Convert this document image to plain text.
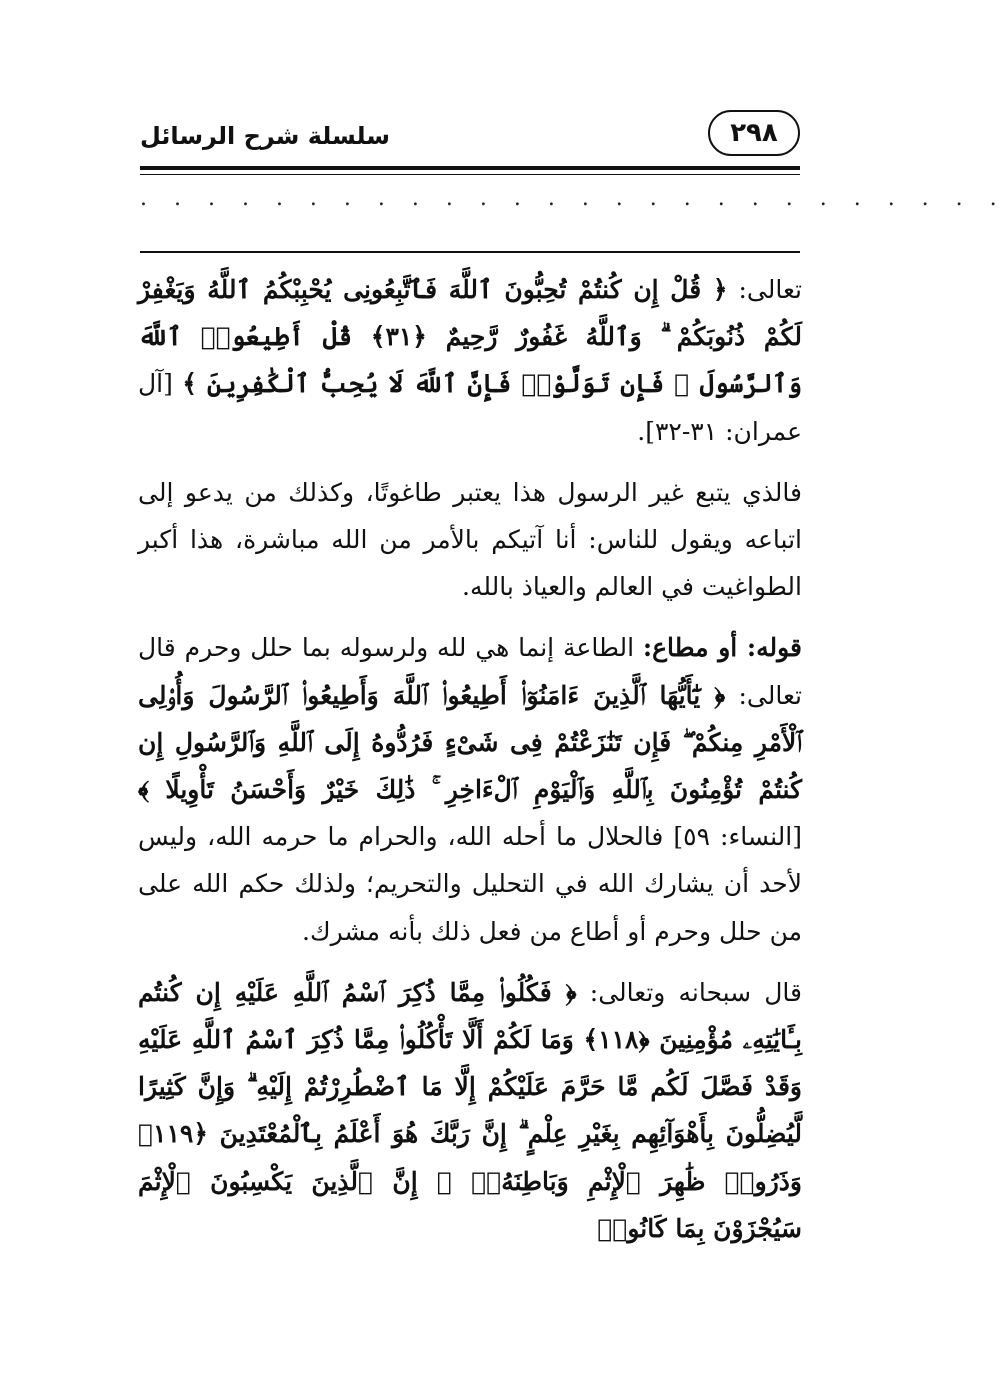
سلسلة شرح الرسائل	٢٩٨
. . . . . . . . . . . . . . . . . . . . . . . . . .

تعالى: ﴿ قُلْ إِن كُنتُمْ تُحِبُّونَ ٱللَّهَ فَٱتَّبِعُونِى يُحْبِبْكُمُ ٱللَّهُ وَيَغْفِرْ لَكُمْ ذُنُوبَكُمْ ۗ وَٱللَّهُ غَفُورٌ رَّحِيمٌ ﴿٣١﴾ قُلْ أَطِيعُوا۟ ٱللَّهَ وَٱلرَّسُولَ ۖ فَإِن تَوَلَّوْا۟ فَإِنَّ ٱللَّهَ لَا يُحِبُّ ٱلْكَٰفِرِينَ ﴾ [آل عمران: ٣١-٣٢].

فالذي يتبع غير الرسول هذا يعتبر طاغوتًا، وكذلك من يدعو إلى اتباعه ويقول للناس: أنا آتيكم بالأمر من الله مباشرة، هذا أكبر الطواغيت في العالم والعياذ بالله.

قوله: أو مطاع: الطاعة إنما هي لله ولرسوله بما حلل وحرم قال تعالى: ﴿ يَٰٓأَيُّهَا ٱلَّذِينَ ءَامَنُوٓا۟ أَطِيعُوا۟ ٱللَّهَ وَأَطِيعُوا۟ ٱلرَّسُولَ وَأُو۟لِى ٱلْأَمْرِ مِنكُمْ ۖ فَإِن تَنَٰزَعْتُمْ فِى شَىْءٍ فَرُدُّوهُ إِلَى ٱللَّهِ وَٱلرَّسُولِ إِن كُنتُمْ تُؤْمِنُونَ بِٱللَّهِ وَٱلْيَوْمِ ٱلْءَاخِرِ ۚ ذَٰلِكَ خَيْرٌ وَأَحْسَنُ تَأْوِيلًا ﴾ [النساء: ٥٩] فالحلال ما أحله الله، والحرام ما حرمه الله، وليس لأحد أن يشارك الله في التحليل والتحريم؛ ولذلك حكم الله على من حلل وحرم أو أطاع من فعل ذلك بأنه مشرك.

قال سبحانه وتعالى: ﴿ فَكُلُوا۟ مِمَّا ذُكِرَ ٱسْمُ ٱللَّهِ عَلَيْهِ إِن كُنتُم بِـَٔايَٰتِهِۦ مُؤْمِنِينَ ﴿١١٨﴾ وَمَا لَكُمْ أَلَّا تَأْكُلُوا۟ مِمَّا ذُكِرَ ٱسْمُ ٱللَّهِ عَلَيْهِ وَقَدْ فَصَّلَ لَكُم مَّا حَرَّمَ عَلَيْكُمْ إِلَّا مَا ٱضْطُرِرْتُمْ إِلَيْهِ ۗ وَإِنَّ كَثِيرًا لَّيُضِلُّونَ بِأَهْوَآئِهِم بِغَيْرِ عِلْمٍ ۗ إِنَّ رَبَّكَ هُوَ أَعْلَمُ بِٱلْمُعْتَدِينَ ﴿١١٩﴾ وَذَرُوا۟ ظَٰهِرَ ٱلْإِثْمِ وَبَاطِنَهُۥٓ ۚ إِنَّ ٱلَّذِينَ يَكْسِبُونَ ٱلْإِثْمَ سَيُجْزَوْنَ بِمَا كَانُوا۟
